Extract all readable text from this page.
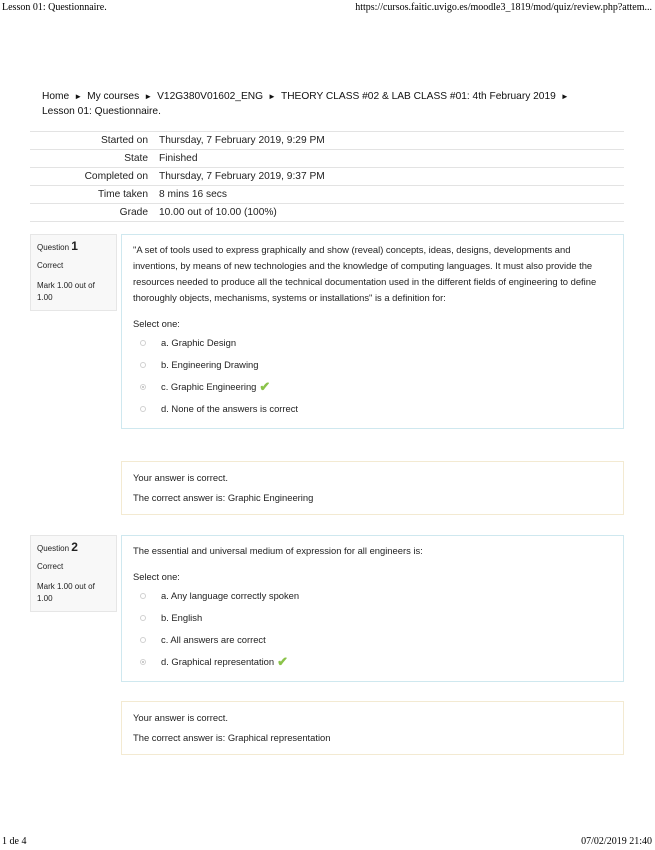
Lesson 01: Questionnaire.	https://cursos.faitic.uvigo.es/moodle3_1819/mod/quiz/review.php?attem...
Home ► My courses ► V12G380V01602_ENG ► THEORY CLASS #02 & LAB CLASS #01: 4th February 2019 ►
Lesson 01: Questionnaire.
Started on	Thursday, 7 February 2019, 9:29 PM
State	Finished
Completed on	Thursday, 7 February 2019, 9:37 PM
Time taken	8 mins 16 secs
Grade	10.00 out of 10.00 (100%)
Question 1
Correct
Mark 1.00 out of 1.00

"A set of tools used to express graphically and show (reveal) concepts, ideas, designs, developments and inventions, by means of new technologies and the knowledge of computing languages. It must also provide the resources needed to produce all the technical documentation used in the different fields of engineering to define thoroughly objects, mechanisms, systems or installations" is a definition for:

Select one:
a. Graphic Design
b. Engineering Drawing
c. Graphic Engineering ✔
d. None of the answers is correct
Your answer is correct.
The correct answer is: Graphic Engineering
Question 2
Correct
Mark 1.00 out of 1.00

The essential and universal medium of expression for all engineers is:

Select one:
a. Any language correctly spoken
b. English
c. All answers are correct
d. Graphical representation ✔
Your answer is correct.
The correct answer is: Graphical representation
1 de 4	07/02/2019 21:40
